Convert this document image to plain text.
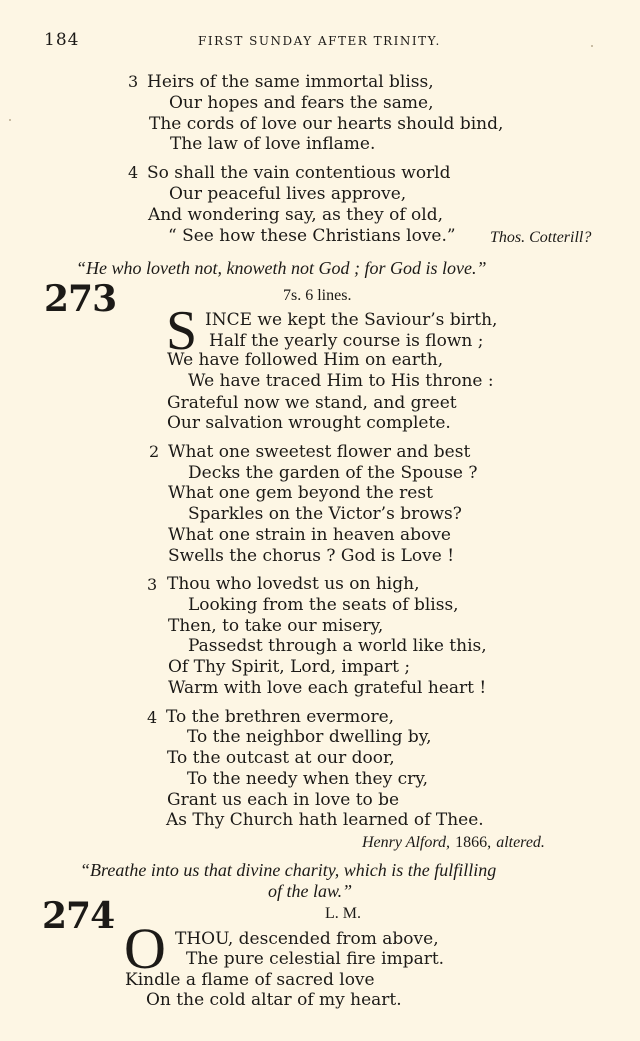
184	FIRST SUNDAY AFTER TRINITY.
3 Heirs of the same immortal bliss,
Our hopes and fears the same,
The cords of love our hearts should bind,
The law of love inflame.
4 So shall the vain contentious world
Our peaceful lives approve,
And wondering say, as they of old,
“ See how these Christians love.” Thos. Cotterill?
“He who loveth not, knoweth not God ; for God is love.”
273	7s. 6 lines.
S INCE we kept the Saviour’s birth,
Half the yearly course is flown ;
We have followed Him on earth,
We have traced Him to His throne :
Grateful now we stand, and greet
Our salvation wrought complete.
2 What one sweetest flower and best
Decks the garden of the Spouse ?
What one gem beyond the rest
Sparkles on the Victor’s brows?
What one strain in heaven above
Swells the chorus ? God is Love !
3 Thou who lovedst us on high,
Looking from the seats of bliss,
Then, to take our misery,
Passedst through a world like this,
Of Thy Spirit, Lord, impart ;
Warm with love each grateful heart !
4 To the brethren evermore,
To the neighbor dwelling by,
To the outcast at our door,
To the needy when they cry,
Grant us each in love to be
As Thy Church hath learned of Thee.
Henry Alford, 1866, altered.
“Breathe into us that divine charity, which is the fulfilling
of the law.”
274	L. M.
O THOU, descended from above,
The pure celestial fire impart.
Kindle a flame of sacred love
On the cold altar of my heart.
